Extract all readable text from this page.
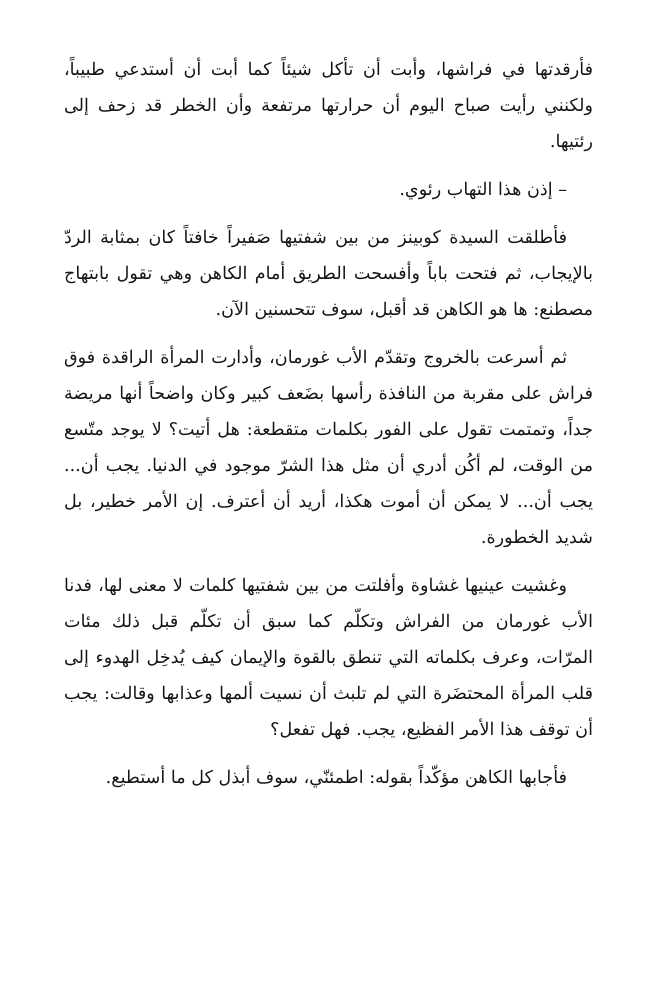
فأرقدتها في فراشها، وأبت أن تأكل شيئاً كما أبت أن أستدعي طبيباً، ولكنني رأيت صباح اليوم أن حرارتها مرتفعة وأن الخطر قد زحف إلى رئتيها.

– إذن هذا التهاب رئوي.

فأطلقت السيدة كوبينز من بين شفتيها صَفيراً خافتاً كان بمثابة الردّ بالإيجاب، ثم فتحت باباً وأفسحت الطريق أمام الكاهن وهي تقول بابتهاج مصطنع: ها هو الكاهن قد أقبل، سوف تتحسنين الآن.

ثم أسرعت بالخروج وتقدّم الأب غورمان، وأدارت المرأة الراقدة فوق فراش على مقربة من النافذة رأسها بضَعف كبير وكان واضحاً أنها مريضة جداً، وتمتمت تقول على الفور بكلمات متقطعة: هل أتيت؟ لا يوجد متّسع من الوقت، لم أكُن أدري أن مثل هذا الشرّ موجود في الدنيا. يجب أن... يجب أن... لا يمكن أن أموت هكذا، أريد أن أعترف. إن الأمر خطير، بل شديد الخطورة.

وغشيت عينيها غشاوة وأفلتت من بين شفتيها كلمات لا معنى لها، فدنا الأب غورمان من الفراش وتكلّم كما سبق أن تكلّم قبل ذلك مئات المرّات، وعرف بكلماته التي تنطق بالقوة والإيمان كيف يُدخِل الهدوء إلى قلب المرأة المحتضَرة التي لم تلبث أن نسيت ألمها وعذابها وقالت: يجب أن توقف هذا الأمر الفظيع، يجب. فهل تفعل؟

فأجابها الكاهن مؤكّداً بقوله: اطمئنّي، سوف أبذل كل ما أستطيع.
